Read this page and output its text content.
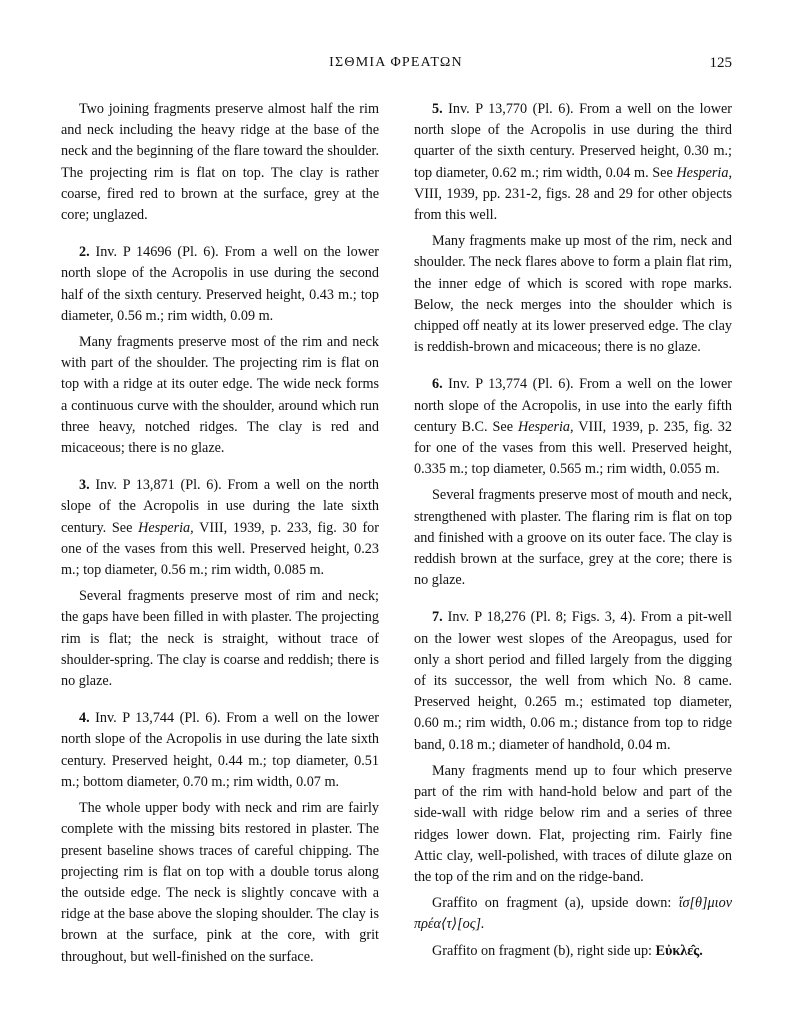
ΙΣΘΜΙΑ ΦΡΕΑΤΩΝ	125

Two joining fragments preserve almost half the rim and neck including the heavy ridge at the base of the neck and the beginning of the flare toward the shoulder. The projecting rim is flat on top. The clay is rather coarse, fired red to brown at the surface, grey at the core; unglazed.

2. Inv. P 14696 (Pl. 6). From a well on the lower north slope of the Acropolis in use during the second half of the sixth century. Preserved height, 0.43 m.; top diameter, 0.56 m.; rim width, 0.09 m.

Many fragments preserve most of the rim and neck with part of the shoulder. The projecting rim is flat on top with a ridge at its outer edge. The wide neck forms a continuous curve with the shoulder, around which run three heavy, notched ridges. The clay is red and micaceous; there is no glaze.

3. Inv. P 13,871 (Pl. 6). From a well on the north slope of the Acropolis in use during the late sixth century. See Hesperia, VIII, 1939, p. 233, fig. 30 for one of the vases from this well. Preserved height, 0.23 m.; top diameter, 0.56 m.; rim width, 0.085 m.

Several fragments preserve most of rim and neck; the gaps have been filled in with plaster. The projecting rim is flat; the neck is straight, without trace of shoulder-spring. The clay is coarse and reddish; there is no glaze.

4. Inv. P 13,744 (Pl. 6). From a well on the lower north slope of the Acropolis in use during the late sixth century. Preserved height, 0.44 m.; top diameter, 0.51 m.; bottom diameter, 0.70 m.; rim width, 0.07 m.

The whole upper body with neck and rim are fairly complete with the missing bits restored in plaster. The present baseline shows traces of careful chipping. The projecting rim is flat on top with a double torus along the outside edge. The neck is slightly concave with a ridge at the base above the sloping shoulder. The clay is brown at the surface, pink at the core, with grit throughout, but well-finished on the surface.

5. Inv. P 13,770 (Pl. 6). From a well on the lower north slope of the Acropolis in use during the third quarter of the sixth century. Preserved height, 0.30 m.; top diameter, 0.62 m.; rim width, 0.04 m. See Hesperia, VIII, 1939, pp. 231-2, figs. 28 and 29 for other objects from this well.

Many fragments make up most of the rim, neck and shoulder. The neck flares above to form a plain flat rim, the inner edge of which is scored with rope marks. Below, the neck merges into the shoulder which is chipped off neatly at its lower preserved edge. The clay is reddish-brown and micaceous; there is no glaze.

6. Inv. P 13,774 (Pl. 6). From a well on the lower north slope of the Acropolis, in use into the early fifth century B.C. See Hesperia, VIII, 1939, p. 235, fig. 32 for one of the vases from this well. Preserved height, 0.335 m.; top diameter, 0.565 m.; rim width, 0.055 m.

Several fragments preserve most of mouth and neck, strengthened with plaster. The flaring rim is flat on top and finished with a groove on its outer face. The clay is reddish brown at the surface, grey at the core; there is no glaze.

7. Inv. P 18,276 (Pl. 8; Figs. 3, 4). From a pit-well on the lower west slopes of the Areopagus, used for only a short period and filled largely from the digging of its successor, the well from which No. 8 came. Preserved height, 0.265 m.; estimated top diameter, 0.60 m.; rim width, 0.06 m.; distance from top to ridge band, 0.18 m.; diameter of handhold, 0.04 m.

Many fragments mend up to four which preserve part of the rim with hand-hold below and part of the side-wall with ridge below rim and a series of three ridges lower down. Flat, projecting rim. Fairly fine Attic clay, well-polished, with traces of dilute glaze on the top of the rim and on the ridge-band.

Graffito on fragment (a), upside down: ἴσ[θ]μιον πρέα⟨τ⟩[ος].

Graffito on fragment (b), right side up: Εὐκλε̂ς.
